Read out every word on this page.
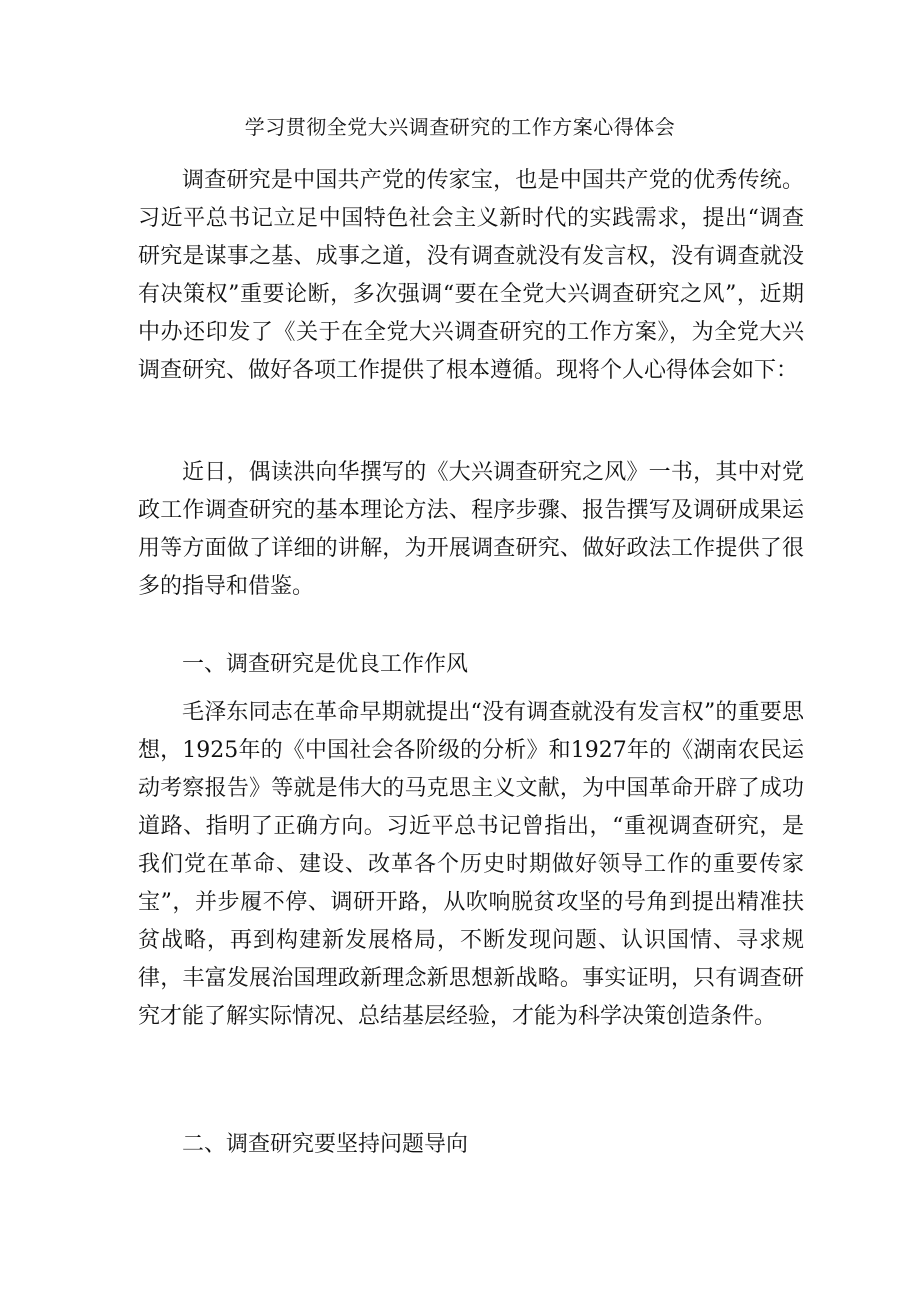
学习贯彻全党大兴调查研究的工作方案心得体会

调查研究是中国共产党的传家宝，也是中国共产党的优秀传统。习近平总书记立足中国特色社会主义新时代的实践需求，提出“调查研究是谋事之基、成事之道，没有调查就没有发言权，没有调查就没有决策权”重要论断，多次强调“要在全党大兴调查研究之风”，近期中办还印发了《关于在全党大兴调查研究的工作方案》，为全党大兴调查研究、做好各项工作提供了根本遵循。现将个人心得体会如下：

近日，偶读洪向华撰写的《大兴调查研究之风》一书，其中对党政工作调查研究的基本理论方法、程序步骤、报告撰写及调研成果运用等方面做了详细的讲解，为开展调查研究、做好政法工作提供了很多的指导和借鉴。

一、调查研究是优良工作作风

毛泽东同志在革命早期就提出“没有调查就没有发言权”的重要思想，1925年的《中国社会各阶级的分析》和1927年的《湖南农民运动考察报告》等就是伟大的马克思主义文献，为中国革命开辟了成功道路、指明了正确方向。习近平总书记曾指出，“重视调查研究，是我们党在革命、建设、改革各个历史时期做好领导工作的重要传家宝”，并步履不停、调研开路，从吹响脱贫攻坚的号角到提出精准扶贫战略，再到构建新发展格局，不断发现问题、认识国情、寻求规律，丰富发展治国理政新理念新思想新战略。事实证明，只有调查研究才能了解实际情况、总结基层经验，才能为科学决策创造条件。

二、调查研究要坚持问题导向
